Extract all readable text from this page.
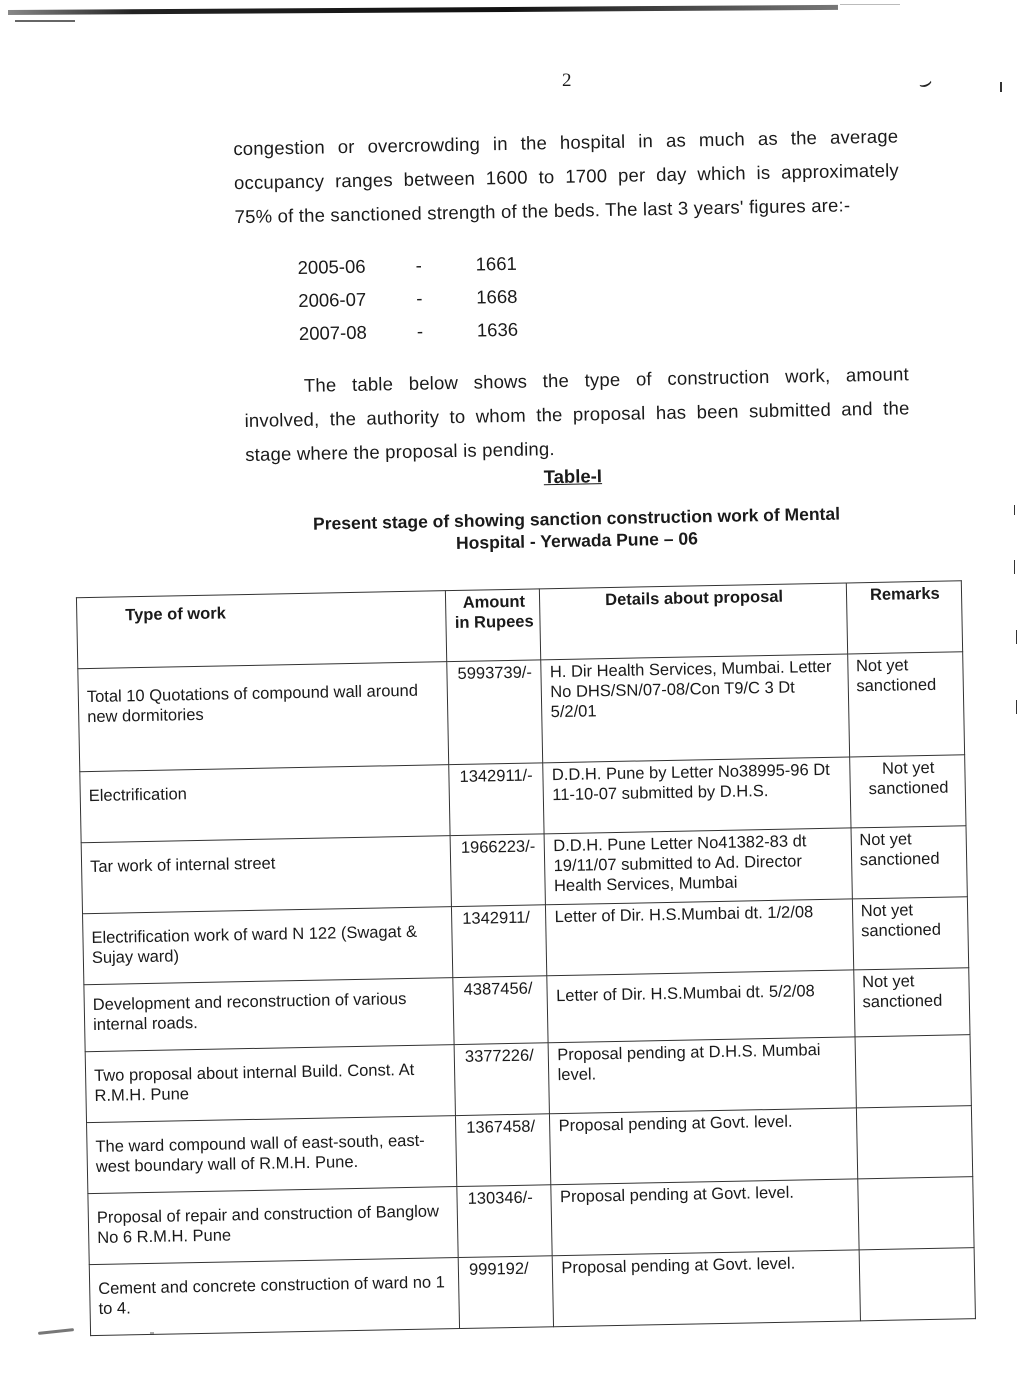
⌣
2
congestion or overcrowding in the hospital in as much as the average
occupancy ranges between 1600 to 1700 per day which is approximately
75% of the sanctioned strength of the beds. The last 3 years' figures are:-
2005-06	-	1661
2006-07	-	1668
2007-08	-	1636
The table below shows the type of construction work, amount
involved, the authority to whom the proposal has been submitted and the
stage where the proposal is pending.
Table-I
Present stage of showing sanction construction work of Mental
Hospital - Yerwada Pune – 06
Type of work	Amount in Rupees	Details about proposal	Remarks
Total 10 Quotations of compound wall around new dormitories	5993739/-	H. Dir Health Services, Mumbai. Letter No DHS/SN/07-08/Con T9/C 3 Dt 5/2/01	Not yet sanctioned
Electrification	1342911/-	D.D.H. Pune by Letter No38995-96 Dt 11-10-07 submitted by D.H.S.	Not yet sanctioned
Tar work of internal street	1966223/-	D.D.H. Pune Letter No41382-83 dt 19/11/07 submitted to Ad. Director Health Services, Mumbai	Not yet sanctioned
Electrification work of ward N 122 (Swagat & Sujay ward)	1342911/	Letter of Dir. H.S.Mumbai dt. 1/2/08	Not yet sanctioned
Development and reconstruction of various internal roads.	4387456/	Letter of Dir. H.S.Mumbai dt. 5/2/08	Not yet sanctioned
Two proposal about internal Build. Const. At R.M.H. Pune	3377226/	Proposal pending at D.H.S. Mumbai level.	
The ward compound wall of east-south, east-west boundary wall of R.M.H. Pune.	1367458/	Proposal pending at Govt. level.	
Proposal of repair and construction of Banglow No 6 R.M.H. Pune	130346/-	Proposal pending at Govt. level.	
Cement and concrete construction of ward no 1 to 4.	999192/	Proposal pending at Govt. level.	
